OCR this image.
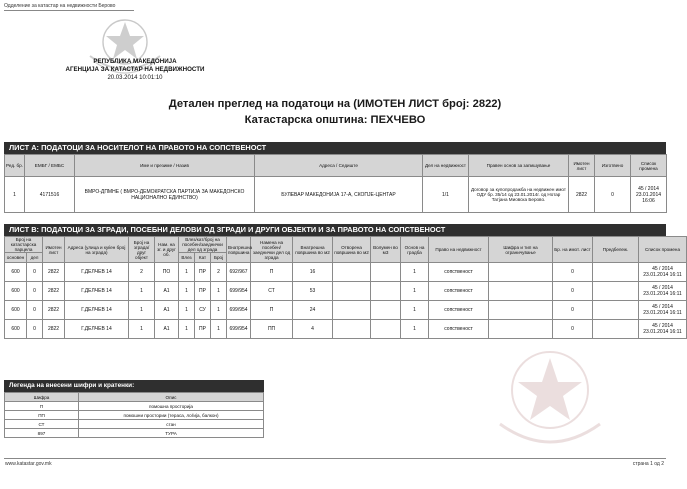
Одделение за катастар на недвижности Берово
РЕПУБЛИКА МАКЕДОНИЈА
АГЕНЦИЈА ЗА КАТАСТАР НА НЕДВИЖНОСТИ
20.03.2014 10:01:10
Детален преглед на податоци на (ИМОТЕН ЛИСТ број: 2822)
Катастарска општина: ПЕХЧЕВО
ЛИСТ А: ПОДАТОЦИ ЗА НОСИТЕЛОТ НА ПРАВОТО НА СОПСТВЕНОСТ
Ред. бр.	ЕМБГ / ЕМБС	Име и презиме / Назив	Адреса / Седиште	Дел на недвижност	Правен основ за запишување	Имотен лист	Изготвено	Список промена
1	4171516	ВМРО-ДПМНЕ ( ВМРО-ДЕМОКРАТСКА ПАРТИЈА ЗА МАКЕДОНСКО НАЦИОНАЛНО ЕДИНСТВО)	БУЛЕВАР МАКЕДОНИЈА 17-А, СКОПЈЕ-ЦЕНТАР	1/1	Договор за купопродажба на недвижен имот ОДУ бр. 35/14 од 23.01.2014г. од Нотар Татјана Миовска Берово.	2822	0	45 / 2014 23.01.2014 16:06
ЛИСТ В: ПОДАТОЦИ ЗА ЗГРАДИ, ПОСЕБНИ ДЕЛОВИ ОД ЗГРАДИ И ДРУГИ ОБЈЕКТИ И ЗА ПРАВОТО НА СОПСТВЕНОСТ
Број на катастарска парцела		Имотен лист	Адреса (улица и куќен број на зграда)	Број на зграда/друг објект	Нам. на зг. и друг об.	Влез/кат/број на посебен/заеднички дел од зграда			Внатрешна површина	Намена на посебен/заеднички дел од зграда	Внатрешна површина во м2	Отворена површина во м2	Волумен во м3	Основ на градба	Право на недвижност	Шифра и тип на ограничување	Бр. на имот. лист	Предбележ.	Список промена
основен	дел					Влез	Кат	Број											
600	0	2822	Г.ДЕЛЧЕВ 14	2	ПО	1	ПР	2	692/967	П	16			1	сопственост		0		45 / 2014 23.01.2014 16:11
600	0	2822	Г.ДЕЛЧЕВ 14	1	А1	1	ПР	1	699/954	СТ	53			1	сопственост		0		45 / 2014 23.01.2014 16:11
600	0	2822	Г.ДЕЛЧЕВ 14	1	А1	1	СУ	1	699/954	П	24			1	сопственост		0		45 / 2014 23.01.2014 16:11
600	0	2822	Г.ДЕЛЧЕВ 14	1	А1	1	ПР	1	699/954	ПП	4			1	сопственост		0		45 / 2014 23.01.2014 16:11
Легенда на внесени шифри и кратенки:
Шифра	Опис
П	помошна просторија
ПП	помошни простории (тераса, лоѓија, балкон)
СТ	стан
897	ТУРА
www.katastar.gov.mk	страна 1 од 2
